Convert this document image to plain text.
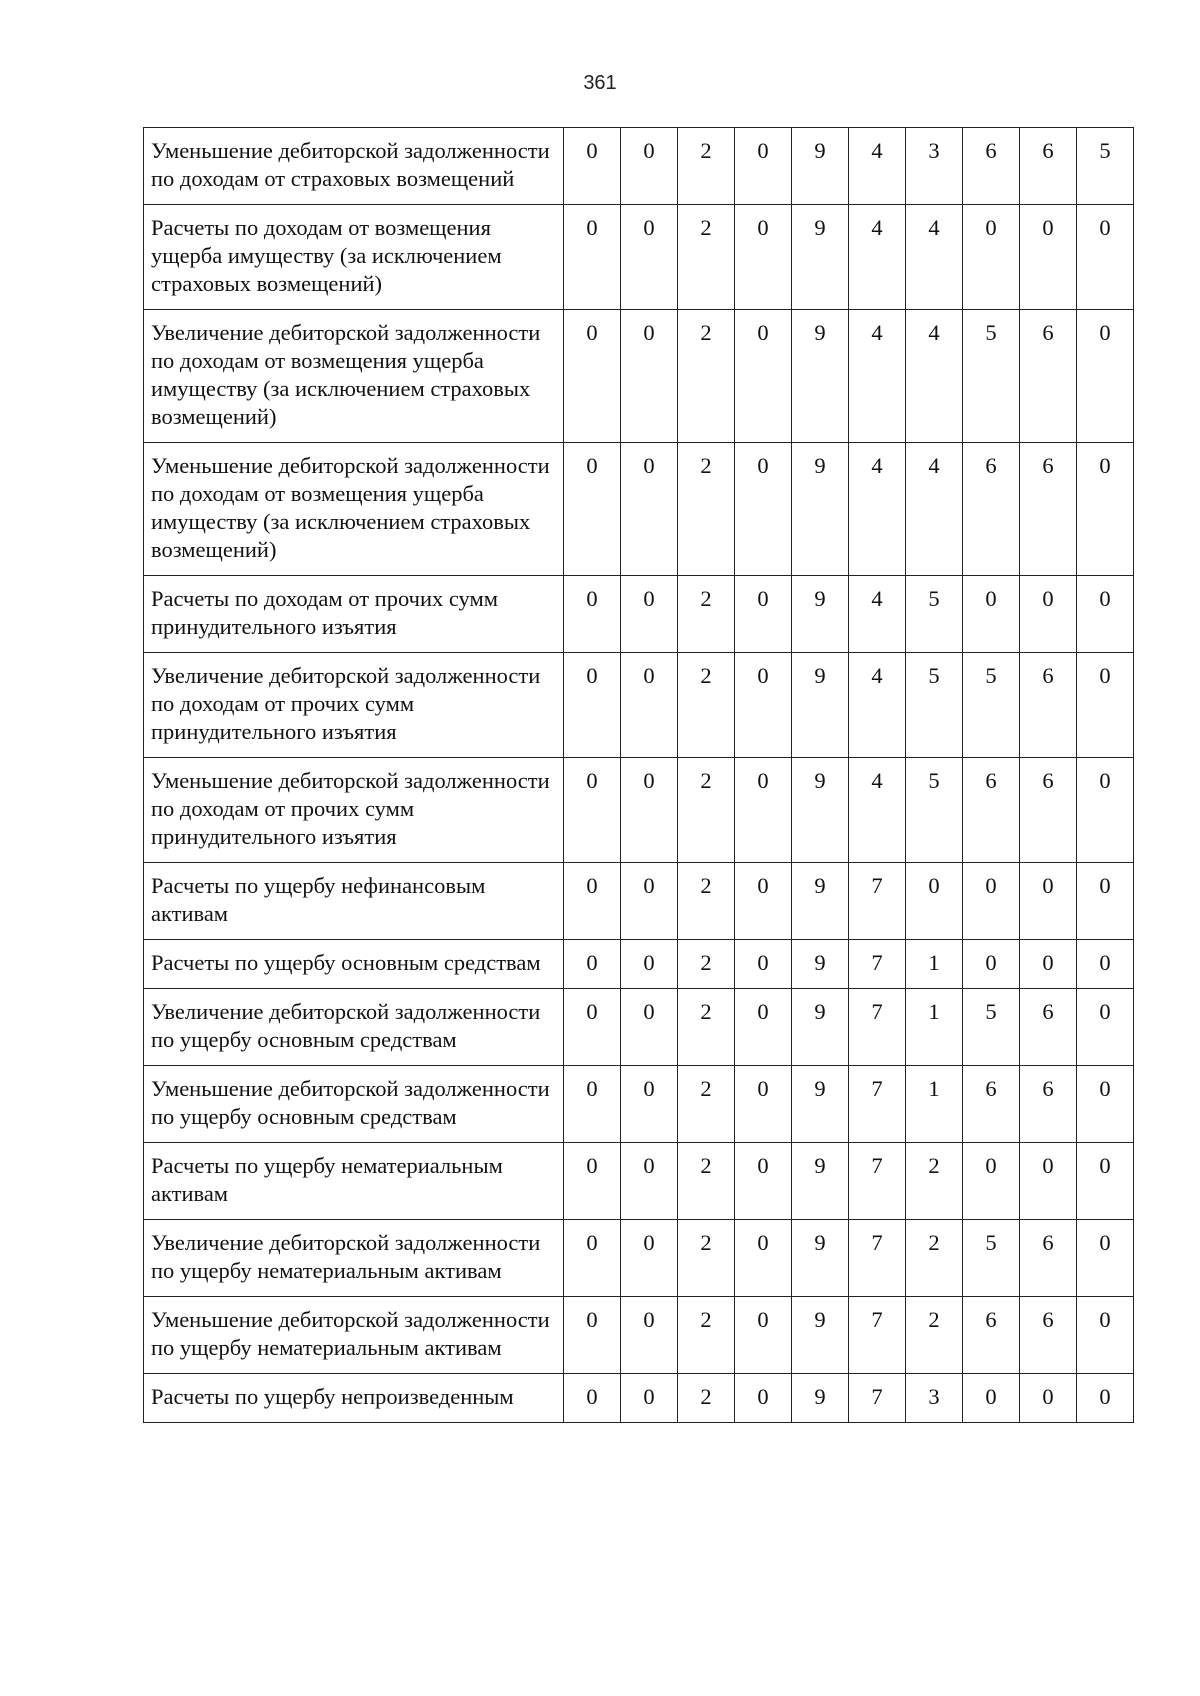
361
Уменьшение дебиторской задолженности по доходам от страховых возмещений	0	0	2	0	9	4	3	6	6	5
Расчеты по доходам от возмещения ущерба имуществу (за исключением страховых возмещений)	0	0	2	0	9	4	4	0	0	0
Увеличение дебиторской задолженности по доходам от возмещения ущерба имуществу (за исключением страховых возмещений)	0	0	2	0	9	4	4	5	6	0
Уменьшение дебиторской задолженности по доходам от возмещения ущерба имуществу (за исключением страховых возмещений)	0	0	2	0	9	4	4	6	6	0
Расчеты по доходам от прочих сумм принудительного изъятия	0	0	2	0	9	4	5	0	0	0
Увеличение дебиторской задолженности по доходам от прочих сумм принудительного изъятия	0	0	2	0	9	4	5	5	6	0
Уменьшение дебиторской задолженности по доходам от прочих сумм принудительного изъятия	0	0	2	0	9	4	5	6	6	0
Расчеты по ущербу нефинансовым активам	0	0	2	0	9	7	0	0	0	0
Расчеты по ущербу основным средствам	0	0	2	0	9	7	1	0	0	0
Увеличение дебиторской задолженности по ущербу основным средствам	0	0	2	0	9	7	1	5	6	0
Уменьшение дебиторской задолженности по ущербу основным средствам	0	0	2	0	9	7	1	6	6	0
Расчеты по ущербу нематериальным активам	0	0	2	0	9	7	2	0	0	0
Увеличение дебиторской задолженности по ущербу нематериальным активам	0	0	2	0	9	7	2	5	6	0
Уменьшение дебиторской задолженности по ущербу нематериальным активам	0	0	2	0	9	7	2	6	6	0
Расчеты по ущербу непроизведенным	0	0	2	0	9	7	3	0	0	0
